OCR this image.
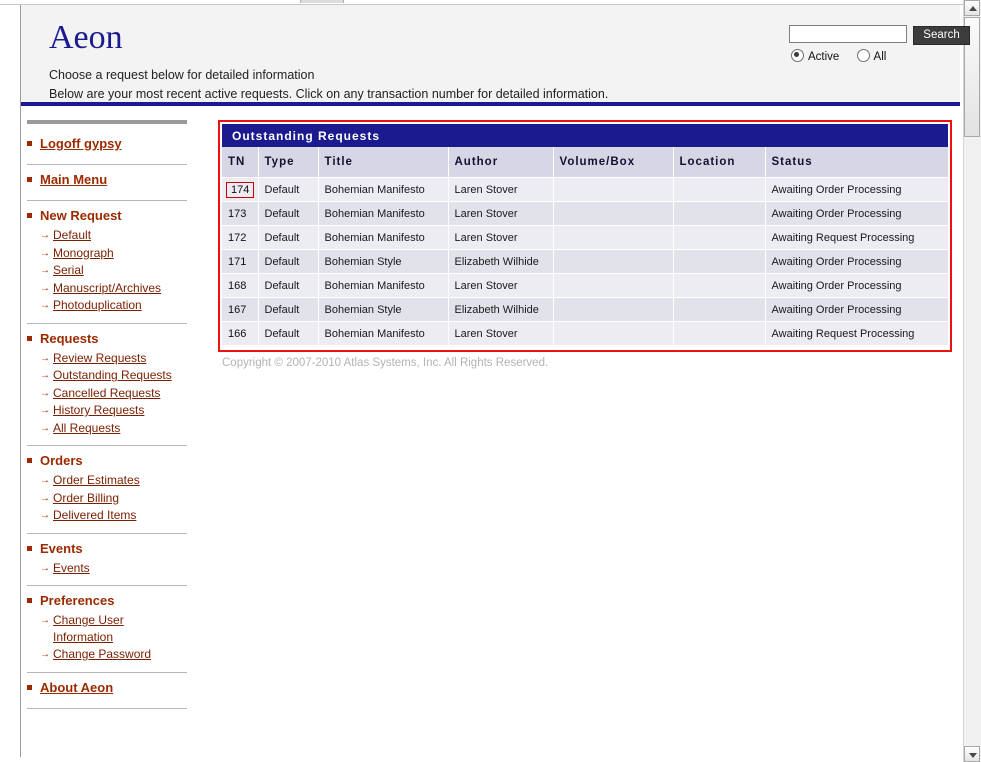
Aeon
Choose a request below for detailed information
Below are your most recent active requests. Click on any transaction number for detailed information.
Search
Active	All
Logoff gypsy
Main Menu
New Request
→ Default
→ Monograph
→ Serial
→ Manuscript/Archives
→ Photoduplication
Requests
→ Review Requests
→ Outstanding Requests
→ Cancelled Requests
→ History Requests
→ All Requests
Orders
→ Order Estimates
→ Order Billing
→ Delivered Items
Events
→ Events
Preferences
→ Change User Information
→ Change Password
About Aeon
Outstanding Requests
TN	Type	Title	Author	Volume/Box	Location	Status
174	Default	Bohemian Manifesto	Laren Stover			Awaiting Order Processing
173	Default	Bohemian Manifesto	Laren Stover			Awaiting Order Processing
172	Default	Bohemian Manifesto	Laren Stover			Awaiting Request Processing
171	Default	Bohemian Style	Elizabeth Wilhide			Awaiting Order Processing
168	Default	Bohemian Manifesto	Laren Stover			Awaiting Order Processing
167	Default	Bohemian Style	Elizabeth Wilhide			Awaiting Order Processing
166	Default	Bohemian Manifesto	Laren Stover			Awaiting Request Processing
Copyright © 2007-2010 Atlas Systems, Inc. All Rights Reserved.
